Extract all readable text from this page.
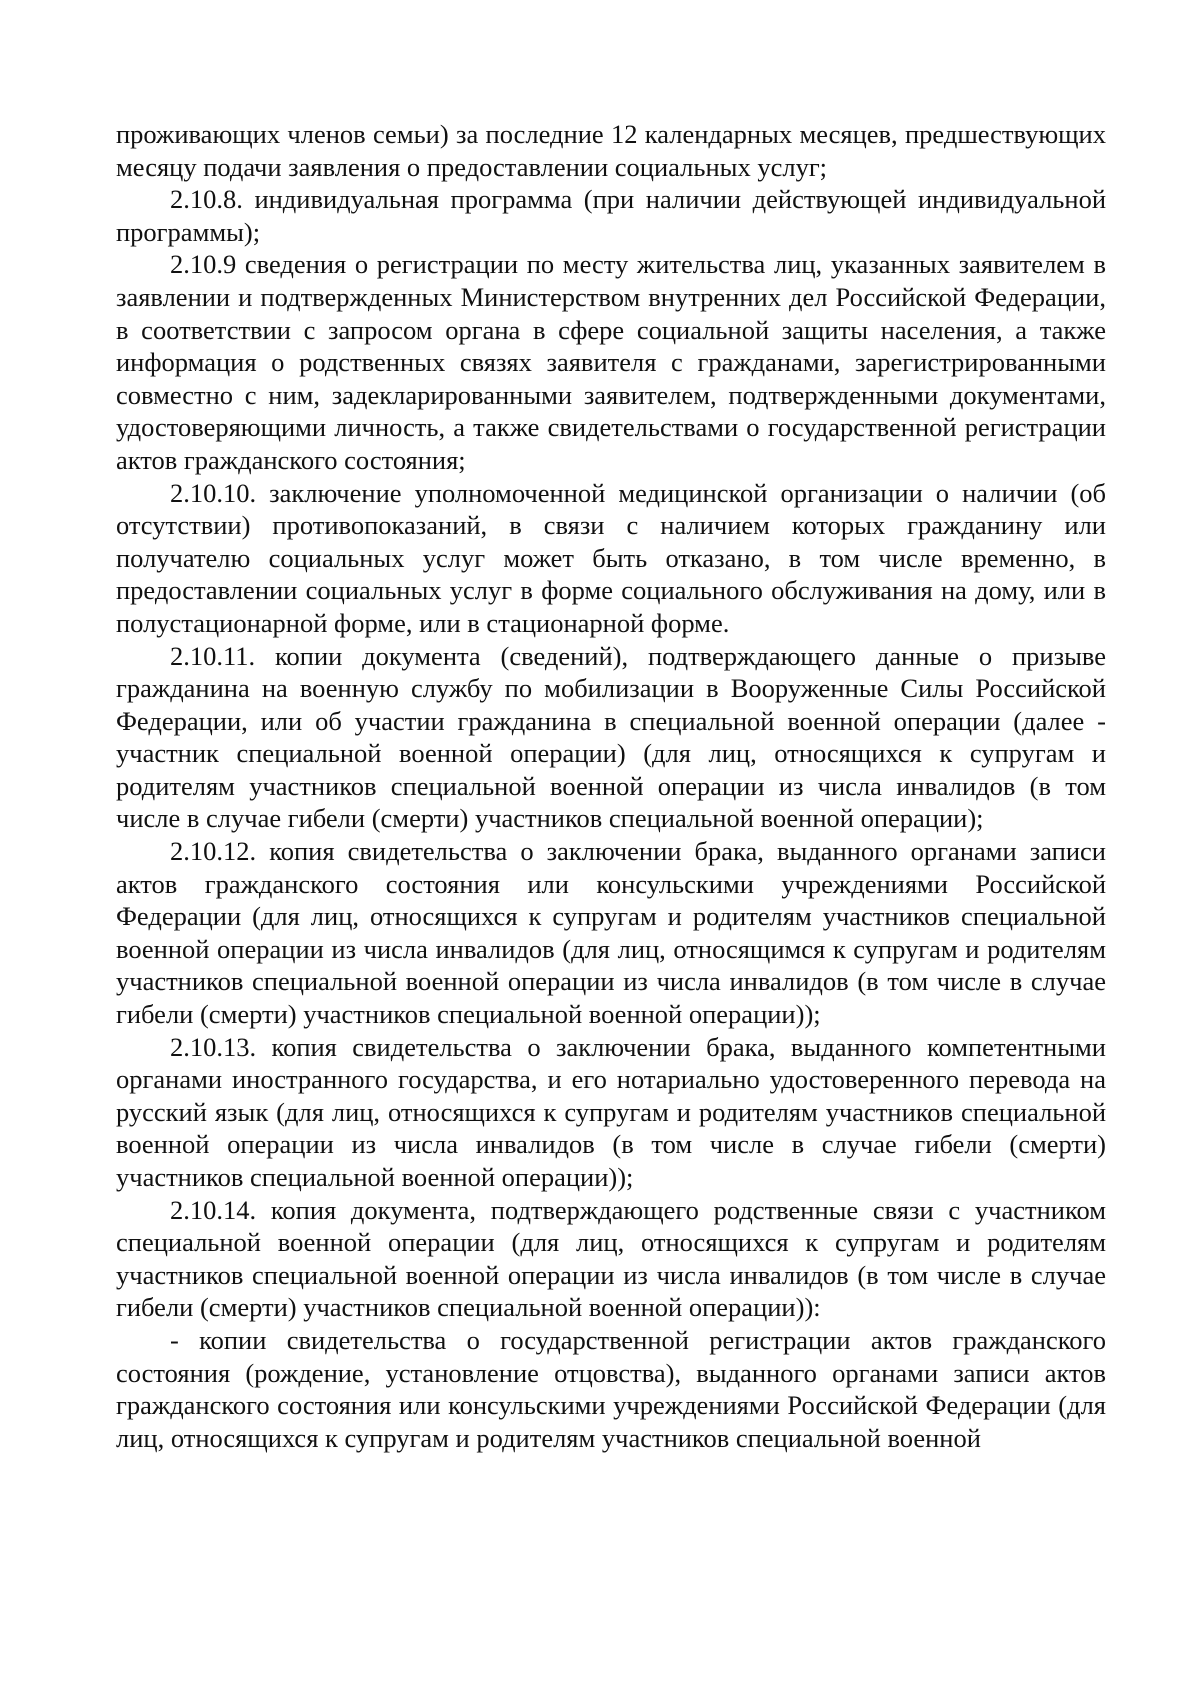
проживающих членов семьи) за последние 12 календарных месяцев, предшествующих месяцу подачи заявления о предоставлении социальных услуг;

2.10.8. индивидуальная программа (при наличии действующей индивидуальной программы);

2.10.9 сведения о регистрации по месту жительства лиц, указанных заявителем в заявлении и подтвержденных Министерством внутренних дел Российской Федерации, в соответствии с запросом органа в сфере социальной защиты населения, а также информация о родственных связях заявителя с гражданами, зарегистрированными совместно с ним, задекларированными заявителем, подтвержденными документами, удостоверяющими личность, а также свидетельствами о государственной регистрации актов гражданского состояния;

2.10.10. заключение уполномоченной медицинской организации о наличии (об отсутствии) противопоказаний, в связи с наличием которых гражданину или получателю социальных услуг может быть отказано, в том числе временно, в предоставлении социальных услуг в форме социального обслуживания на дому, или в полустационарной форме, или в стационарной форме.

2.10.11. копии документа (сведений), подтверждающего данные о призыве гражданина на военную службу по мобилизации в Вооруженные Силы Российской Федерации, или об участии гражданина в специальной военной операции (далее - участник специальной военной операции) (для лиц, относящихся к супругам и родителям участников специальной военной операции из числа инвалидов (в том числе в случае гибели (смерти) участников специальной военной операции);

2.10.12. копия свидетельства о заключении брака, выданного органами записи актов гражданского состояния или консульскими учреждениями Российской Федерации (для лиц, относящихся к супругам и родителям участников специальной военной операции из числа инвалидов (для лиц, относящимся к супругам и родителям участников специальной военной операции из числа инвалидов (в том числе в случае гибели (смерти) участников специальной военной операции));

2.10.13. копия свидетельства о заключении брака, выданного компетентными органами иностранного государства, и его нотариально удостоверенного перевода на русский язык (для лиц, относящихся к супругам и родителям участников специальной военной операции из числа инвалидов (в том числе в случае гибели (смерти) участников специальной военной операции));

2.10.14. копия документа, подтверждающего родственные связи с участником специальной военной операции (для лиц, относящихся к супругам и родителям участников специальной военной операции из числа инвалидов (в том числе в случае гибели (смерти) участников специальной военной операции)):

- копии свидетельства о государственной регистрации актов гражданского состояния (рождение, установление отцовства), выданного органами записи актов гражданского состояния или консульскими учреждениями Российской Федерации (для лиц, относящихся к супругам и родителям участников специальной военной
